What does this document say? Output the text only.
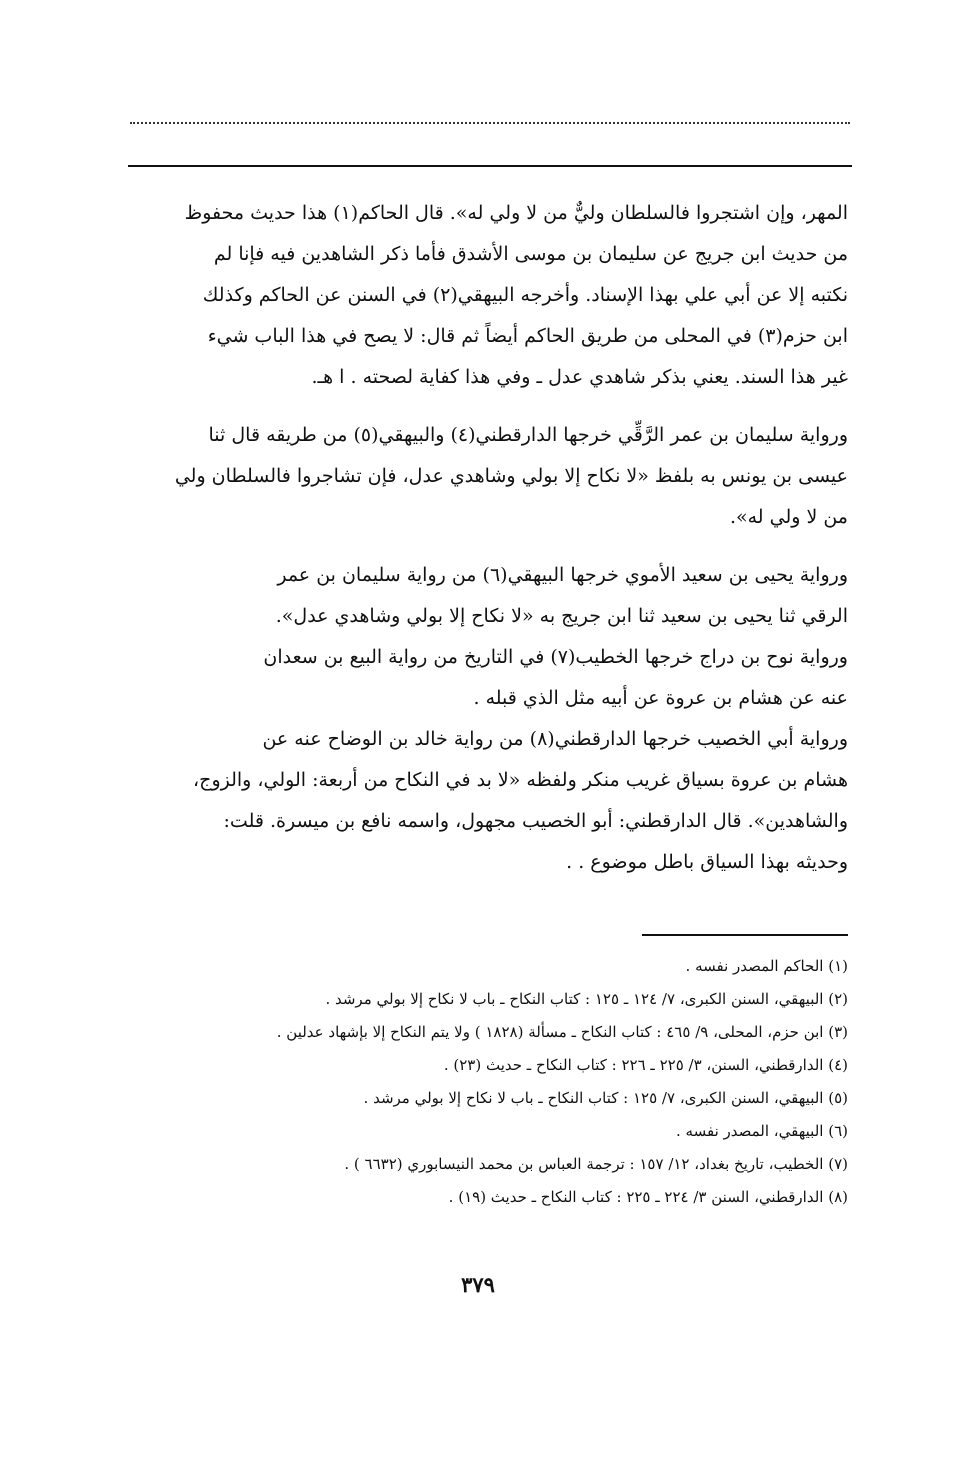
المهر، وإن اشتجروا فالسلطان وليٌّ من لا ولي له». قال الحاكم(١) هذا حديث محفوظ
من حديث ابن جريج عن سليمان بن موسى الأشدق فأما ذكر الشاهدين فيه فإنا لم
نكتبه إلا عن أبي علي بهذا الإسناد. وأخرجه البيهقي(٢) في السنن عن الحاكم وكذلك
ابن حزم(٣) في المحلى من طريق الحاكم أيضاً ثم قال: لا يصح في هذا الباب شيء
غير هذا السند. يعني بذكر شاهدي عدل ـ وفي هذا كفاية لصحته . ا هـ.
ورواية سليمان بن عمر الرَّقِّي خرجها الدارقطني(٤) والبيهقي(٥) من طريقه قال ثنا
عيسى بن يونس به بلفظ «لا نكاح إلا بولي وشاهدي عدل، فإن تشاجروا فالسلطان ولي
من لا ولي له».
ورواية يحيى بن سعيد الأموي خرجها البيهقي(٦) من رواية سليمان بن عمر
الرقي ثنا يحيى بن سعيد ثنا ابن جريج به «لا نكاح إلا بولي وشاهدي عدل».
ورواية نوح بن دراج خرجها الخطيب(٧) في التاريخ من رواية البيع بن سعدان
عنه عن هشام بن عروة عن أبيه مثل الذي قبله .
ورواية أبي الخصيب خرجها الدارقطني(٨) من رواية خالد بن الوضاح عنه عن
هشام بن عروة بسياق غريب منكر ولفظه «لا بد في النكاح من أربعة: الولي، والزوج،
والشاهدين». قال الدارقطني: أبو الخصيب مجهول، واسمه نافع بن ميسرة. قلت:
وحديثه بهذا السياق باطل موضوع . .
(١) الحاكم المصدر نفسه .
(٢) البيهقي، السنن الكبرى، ٧/ ١٢٤ ـ ١٢٥ : كتاب النكاح ـ باب لا نكاح إلا بولي مرشد .
(٣) ابن حزم، المحلى، ٩/ ٤٦٥ : كتاب النكاح ـ مسألة (١٨٢٨ ) ولا يتم النكاح إلا بإشهاد عدلين .
(٤) الدارقطني، السنن، ٣/ ٢٢٥ ـ ٢٢٦ : كتاب النكاح ـ حديث (٢٣) .
(٥) البيهقي، السنن الكبرى، ٧/ ١٢٥ : كتاب النكاح ـ باب لا نكاح إلا بولي مرشد .
(٦) البيهقي، المصدر نفسه .
(٧) الخطيب، تاريخ بغداد، ١٢/ ١٥٧ : ترجمة العباس بن محمد النيسابوري (٦٦٣٢ ) .
(٨) الدارقطني، السنن ٣/ ٢٢٤ ـ ٢٢٥ : كتاب النكاح ـ حديث (١٩) .
٣٧٩
